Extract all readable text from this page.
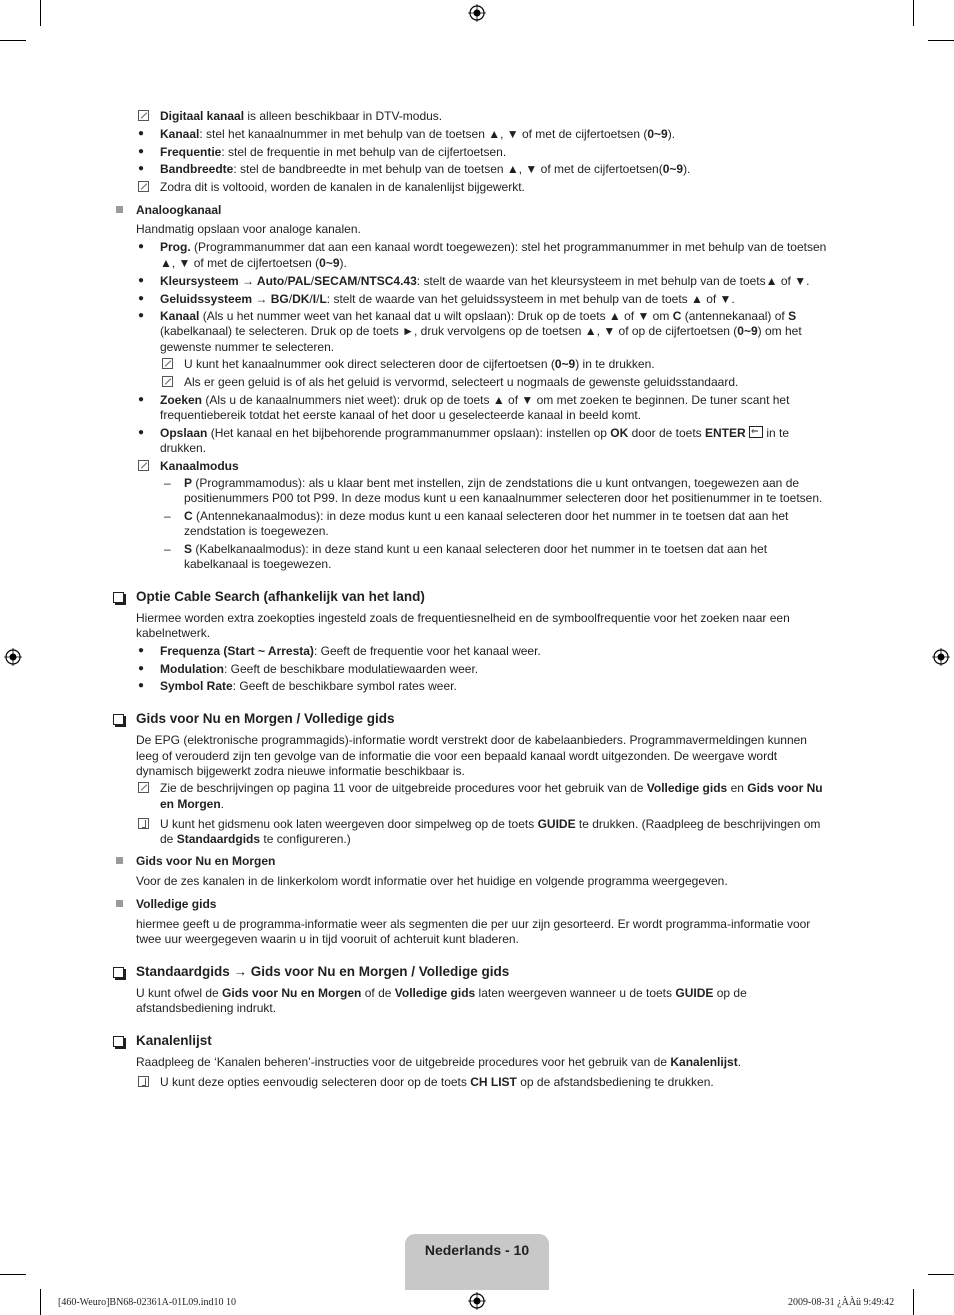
Digitaal kanaal is alleen beschikbaar in DTV-modus.
● Kanaal: stel het kanaalnummer in met behulp van de toetsen ▲, ▼ of met de cijfertoetsen (0~9).
● Frequentie: stel de frequentie in met behulp van de cijfertoetsen.
● Bandbreedte: stel de bandbreedte in met behulp van de toetsen ▲, ▼ of met de cijfertoetsen(0~9).
Zodra dit is voltooid, worden de kanalen in de kanalenlijst bijgewerkt.
Analoogkanaal
Handmatig opslaan voor analoge kanalen.
● Prog. (Programmanummer dat aan een kanaal wordt toegewezen): stel het programmanummer in met behulp van de toetsen
▲, ▼ of met de cijfertoetsen (0~9).
● Kleursysteem → Auto/PAL/SECAM/NTSC4.43: stelt de waarde van het kleursysteem in met behulp van de toets▲ of ▼.
● Geluidssysteem → BG/DK/I/L: stelt de waarde van het geluidssysteem in met behulp van de toets ▲ of ▼.
● Kanaal (Als u het nummer weet van het kanaal dat u wilt opslaan): Druk op de toets ▲ of ▼ om C (antennekanaal) of S
(kabelkanaal) te selecteren. Druk op de toets ►, druk vervolgens op de toetsen ▲, ▼ of op de cijfertoetsen (0~9) om het
gewenste nummer te selecteren.
U kunt het kanaalnummer ook direct selecteren door de cijfertoetsen (0~9) in te drukken.
Als er geen geluid is of als het geluid is vervormd, selecteert u nogmaals de gewenste geluidsstandaard.
● Zoeken (Als u de kanaalnummers niet weet): druk op de toets ▲ of ▼ om met zoeken te beginnen. De tuner scant het
frequentiebereik totdat het eerste kanaal of het door u geselecteerde kanaal in beeld komt.
● Opslaan (Het kanaal en het bijbehorende programmanummer opslaan): instellen op OK door de toets ENTER ⇐ in te
drukken.
Kanaalmodus
– P (Programmamodus): als u klaar bent met instellen, zijn de zendstations die u kunt ontvangen, toegewezen aan de
positienummers P00 tot P99. In deze modus kunt u een kanaalnummer selecteren door het positienummer in te toetsen.
– C (Antennekanaalmodus): in deze modus kunt u een kanaal selecteren door het nummer in te toetsen dat aan het
zendstation is toegewezen.
– S (Kabelkanaalmodus): in deze stand kunt u een kanaal selecteren door het nummer in te toetsen dat aan het
kabelkanaal is toegewezen.
Optie Cable Search (afhankelijk van het land)
Hiermee worden extra zoekopties ingesteld zoals de frequentiesnelheid en de symboolfrequentie voor het zoeken naar een
kabelnetwerk.
● Frequenza (Start ~ Arresta): Geeft de frequentie voor het kanaal weer.
● Modulation: Geeft de beschikbare modulatiewaarden weer.
● Symbol Rate: Geeft de beschikbare symbol rates weer.
Gids voor Nu en Morgen / Volledige gids
De EPG (elektronische programmagids)-informatie wordt verstrekt door de kabelaanbieders. Programmavermeldingen kunnen
leeg of verouderd zijn ten gevolge van de informatie die voor een bepaald kanaal wordt uitgezonden. De weergave wordt
dynamisch bijgewerkt zodra nieuwe informatie beschikbaar is.
Zie de beschrijvingen op pagina 11 voor de uitgebreide procedures voor het gebruik van de Volledige gids en Gids voor Nu
en Morgen.
U kunt het gidsmenu ook laten weergeven door simpelweg op de toets GUIDE te drukken. (Raadpleeg de beschrijvingen om
de Standaardgids te configureren.)
Gids voor Nu en Morgen
Voor de zes kanalen in de linkerkolom wordt informatie over het huidige en volgende programma weergegeven.
Volledige gids
hiermee geeft u de programma-informatie weer als segmenten die per uur zijn gesorteerd. Er wordt programma-informatie voor
twee uur weergegeven waarin u in tijd vooruit of achteruit kunt bladeren.
Standaardgids → Gids voor Nu en Morgen / Volledige gids
U kunt ofwel de Gids voor Nu en Morgen of de Volledige gids laten weergeven wanneer u de toets GUIDE op de
afstandsbediening indrukt.
Kanalenlijst
Raadpleeg de ‘Kanalen beheren’-instructies voor de uitgebreide procedures voor het gebruik van de Kanalenlijst.
U kunt deze opties eenvoudig selecteren door op de toets CH LIST op de afstandsbediening te drukken.
Nederlands - 10
[460-Weuro]BN68-02361A-01L09.ind10 10	2009-08-31 ¿ÀÀü 9:49:42
